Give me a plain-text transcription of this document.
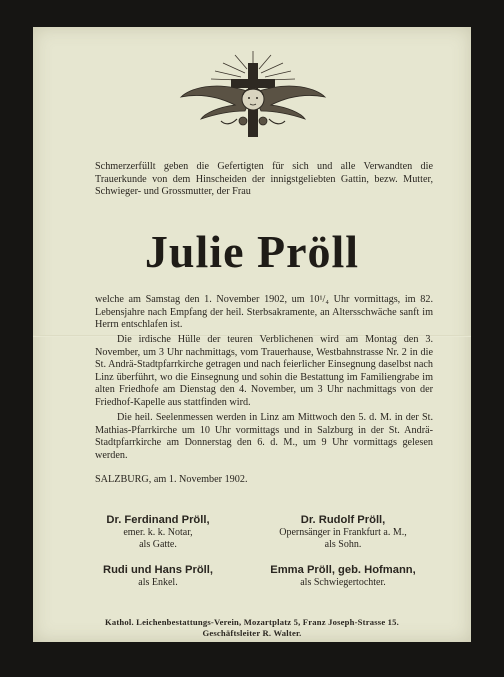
Schmerzerfüllt geben die Gefertigten für sich und alle Verwandten die Trauerkunde von dem Hinscheiden der innigstgeliebten Gattin, bezw. Mutter, Schwieger- und Grossmutter, der Frau
Julie Pröll
welche am Samstag den 1. November 1902, um 10¹/₄ Uhr vormittags, im 82. Lebensjahre nach Empfang der heil. Sterbsakramente, an Altersschwäche sanft im Herrn entschlafen ist.
Die irdische Hülle der teuren Verblichenen wird am Montag den 3. November, um 3 Uhr nachmittags, vom Trauerhause, Westbahnstrasse Nr. 2 in die St. Andrä-Stadtpfarrkirche getragen und nach feierlicher Einsegnung daselbst nach Linz überführt, wo die Einsegnung und sohin die Bestattung im Familiengrabe im alten Friedhofe am Dienstag den 4. November, um 3 Uhr nachmittags von der Friedhof-Kapelle aus stattfinden wird.
Die heil. Seelenmessen werden in Linz am Mittwoch den 5. d. M. in der St. Mathias-Pfarrkirche um 10 Uhr vormittags und in Salzburg in der St. Andrä-Stadtpfarrkirche am Donnerstag den 6. d. M., um 9 Uhr vormittags gelesen werden.
SALZBURG, am 1. November 1902.
Dr. Ferdinand Pröll,
emer. k. k. Notar,
als Gatte.
Dr. Rudolf Pröll,
Opernsänger in Frankfurt a. M.,
als Sohn.
Rudi und Hans Pröll,
als Enkel.
Emma Pröll, geb. Hofmann,
als Schwiegertochter.
Kathol. Leichenbestattungs-Verein, Mozartplatz 5, Franz Joseph-Strasse 15.
Geschäftsleiter R. Walter.
